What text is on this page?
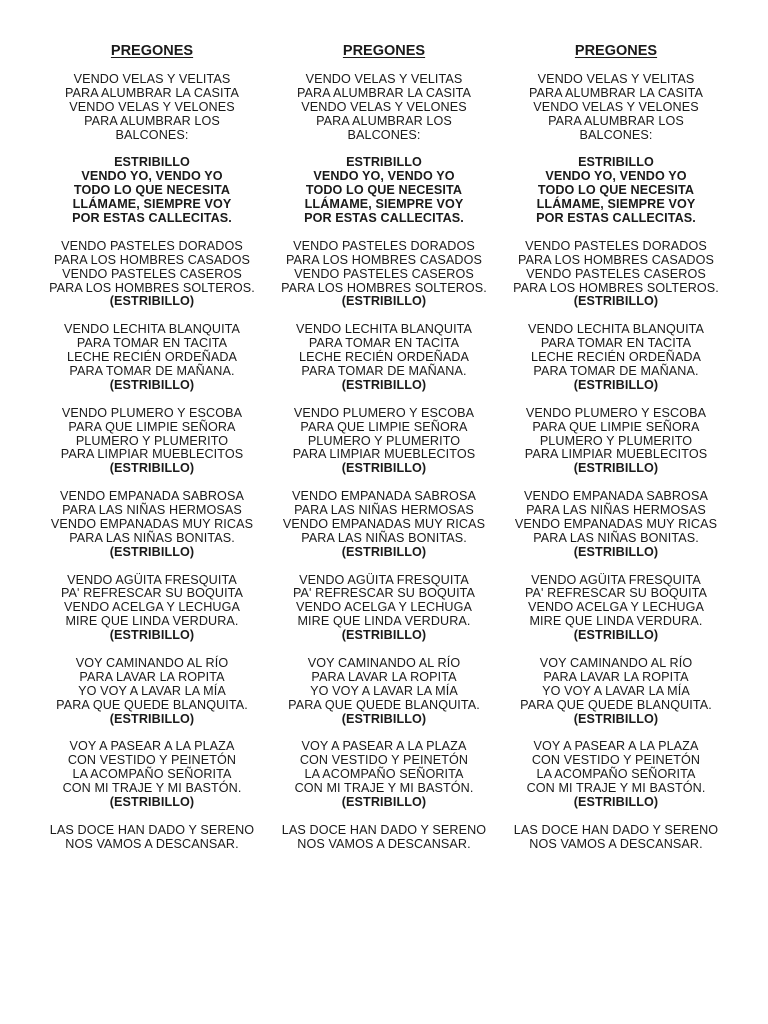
PREGONES
VENDO VELAS Y VELITAS
PARA ALUMBRAR LA CASITA
VENDO VELAS Y VELONES
PARA ALUMBRAR LOS
BALCONES:
ESTRIBILLO
VENDO YO, VENDO YO
TODO LO QUE NECESITA
LLÁMAME, SIEMPRE VOY
POR ESTAS CALLECITAS.
VENDO PASTELES DORADOS
PARA LOS HOMBRES CASADOS
VENDO PASTELES CASEROS
PARA LOS HOMBRES SOLTEROS.
(ESTRIBILLO)
VENDO LECHITA BLANQUITA
PARA TOMAR EN TACITA
LECHE RECIÉN ORDEÑADA
PARA TOMAR DE MAÑANA.
(ESTRIBILLO)
VENDO PLUMERO Y ESCOBA
PARA QUE LIMPIE SEÑORA
PLUMERO Y PLUMERITO
PARA LIMPIAR MUEBLECITOS
(ESTRIBILLO)
VENDO EMPANADA SABROSA
PARA LAS NIÑAS HERMOSAS
VENDO EMPANADAS MUY RICAS
PARA LAS NIÑAS BONITAS.
(ESTRIBILLO)
VENDO AGÜITA FRESQUITA
PA' REFRESCAR SU BOQUITA
VENDO ACELGA Y LECHUGA
MIRE QUE LINDA VERDURA.
(ESTRIBILLO)
VOY CAMINANDO AL RÍO
PARA LAVAR LA ROPITA
YO VOY A LAVAR LA MÍA
PARA QUE QUEDE BLANQUITA.
(ESTRIBILLO)
VOY A PASEAR A LA PLAZA
CON VESTIDO Y PEINETÓN
LA ACOMPAÑO SEÑORITA
CON MI TRAJE Y MI BASTÓN.
(ESTRIBILLO)
LAS DOCE HAN DADO Y SERENO
NOS VAMOS A DESCANSAR.
PREGONES
VENDO VELAS Y VELITAS
PARA ALUMBRAR LA CASITA
VENDO VELAS Y VELONES
PARA ALUMBRAR LOS
BALCONES:
ESTRIBILLO
VENDO YO, VENDO YO
TODO LO QUE NECESITA
LLÁMAME, SIEMPRE VOY
POR ESTAS CALLECITAS.
VENDO PASTELES DORADOS
PARA LOS HOMBRES CASADOS
VENDO PASTELES CASEROS
PARA LOS HOMBRES SOLTEROS.
(ESTRIBILLO)
VENDO LECHITA BLANQUITA
PARA TOMAR EN TACITA
LECHE RECIÉN ORDEÑADA
PARA TOMAR DE MAÑANA.
(ESTRIBILLO)
VENDO PLUMERO Y ESCOBA
PARA QUE LIMPIE SEÑORA
PLUMERO Y PLUMERITO
PARA LIMPIAR MUEBLECITOS
(ESTRIBILLO)
VENDO EMPANADA SABROSA
PARA LAS NIÑAS HERMOSAS
VENDO EMPANADAS MUY RICAS
PARA LAS NIÑAS BONITAS.
(ESTRIBILLO)
VENDO AGÜITA FRESQUITA
PA' REFRESCAR SU BOQUITA
VENDO ACELGA Y LECHUGA
MIRE QUE LINDA VERDURA.
(ESTRIBILLO)
VOY CAMINANDO AL RÍO
PARA LAVAR LA ROPITA
YO VOY A LAVAR LA MÍA
PARA QUE QUEDE BLANQUITA.
(ESTRIBILLO)
VOY A PASEAR A LA PLAZA
CON VESTIDO Y PEINETÓN
LA ACOMPAÑO SEÑORITA
CON MI TRAJE Y MI BASTÓN.
(ESTRIBILLO)
LAS DOCE HAN DADO Y SERENO
NOS VAMOS A DESCANSAR.
PREGONES
VENDO VELAS Y VELITAS
PARA ALUMBRAR LA CASITA
VENDO VELAS Y VELONES
PARA ALUMBRAR LOS
BALCONES:
ESTRIBILLO
VENDO YO, VENDO YO
TODO LO QUE NECESITA
LLÁMAME, SIEMPRE VOY
POR ESTAS CALLECITAS.
VENDO PASTELES DORADOS
PARA LOS HOMBRES CASADOS
VENDO PASTELES CASEROS
PARA LOS HOMBRES SOLTEROS.
(ESTRIBILLO)
VENDO LECHITA BLANQUITA
PARA TOMAR EN TACITA
LECHE RECIÉN ORDEÑADA
PARA TOMAR DE MAÑANA.
(ESTRIBILLO)
VENDO PLUMERO Y ESCOBA
PARA QUE LIMPIE SEÑORA
PLUMERO Y PLUMERITO
PARA LIMPIAR MUEBLECITOS
(ESTRIBILLO)
VENDO EMPANADA SABROSA
PARA LAS NIÑAS HERMOSAS
VENDO EMPANADAS MUY RICAS
PARA LAS NIÑAS BONITAS.
(ESTRIBILLO)
VENDO AGÜITA FRESQUITA
PA' REFRESCAR SU BOQUITA
VENDO ACELGA Y LECHUGA
MIRE QUE LINDA VERDURA.
(ESTRIBILLO)
VOY CAMINANDO AL RÍO
PARA LAVAR LA ROPITA
YO VOY A LAVAR LA MÍA
PARA QUE QUEDE BLANQUITA.
(ESTRIBILLO)
VOY A PASEAR A LA PLAZA
CON VESTIDO Y PEINETÓN
LA ACOMPAÑO SEÑORITA
CON MI TRAJE Y MI BASTÓN.
(ESTRIBILLO)
LAS DOCE HAN DADO Y SERENO
NOS VAMOS A DESCANSAR.
